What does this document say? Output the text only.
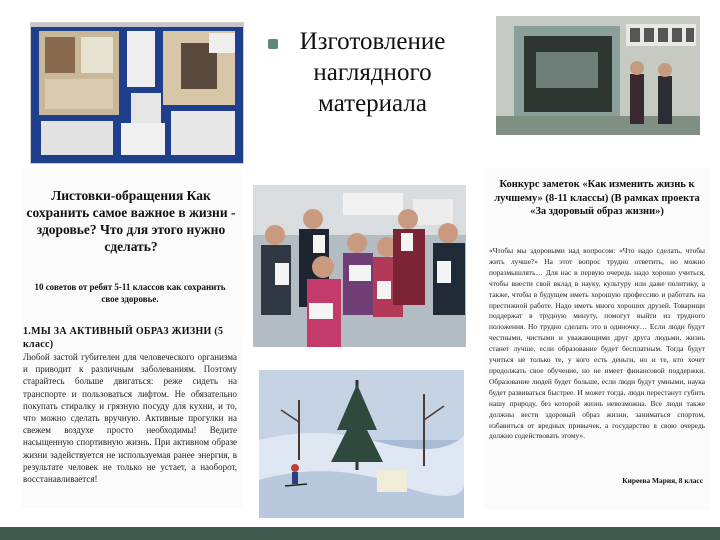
Изготовление наглядного материала
Листовки-обращения Как сохранить самое важное в жизни - здоровье? Что для этого нужно сделать?
10 советов от ребят 5-11 классов как сохранить свое здоровье.
1.МЫ ЗА АКТИВНЫЙ ОБРАЗ ЖИЗНИ (5 класс)
Любой застой губителен для человеческого организма и приводит к различным заболеваниям. Поэтому старайтесь больше двигаться: реже сидеть на транспорте и пользоваться лифтом. Не обязательно покупать стиралку и грязную посуду для кухни, и то, что можно сделать вручную. Активные прогулки на свежем воздухе просто необходимы! Ведите насыщенную спортивную жизнь. При активном образе жизни задействуется не используемая ранее энергия, в результате человек не только не устает, а наоборот, восстанавливается!
Конкурс заметок «Как изменить жизнь к лучшему» (8-11 классы) (В рамках проекта «За здоровый образ жизни»)
«Чтобы мы здоровыми над вопросом: «Что надо сделать, чтобы жить лучше?» На этот вопрос трудно ответить, но можно поразмышлять… Для нас в первую очередь надо хорошо учиться, чтобы внести свой вклад в науку, культуру или даже политику, а также, чтобы в будущем иметь хорошую профессию и работать на престижной работе. Надо иметь много хороших друзей. Товарищи поддержат в трудную минуту, помогут выйти из трудного положения. Но трудно сделать это в одиночку… Если люди будут честными, чистыми и уважающими друг друга людьми, жизнь станет лучше, если образование будет бесплатным. Тогда будут учиться не только те, у кого есть деньги, но и те, кто хочет продолжать свое обучение, но не имеет финансовой поддержки. Образование людей будет больше, если люди будут умными, наука будет развиваться быстрее. И может тогда, люди перестанут губить нашу природу, без которой жизнь невозможна. Все люди также должны вести здоровый образ жизни, заниматься спортом, избавиться от вредных привычек, а государство в свою очередь должно содействовать этому».
Киреева Мария, 8 класс
